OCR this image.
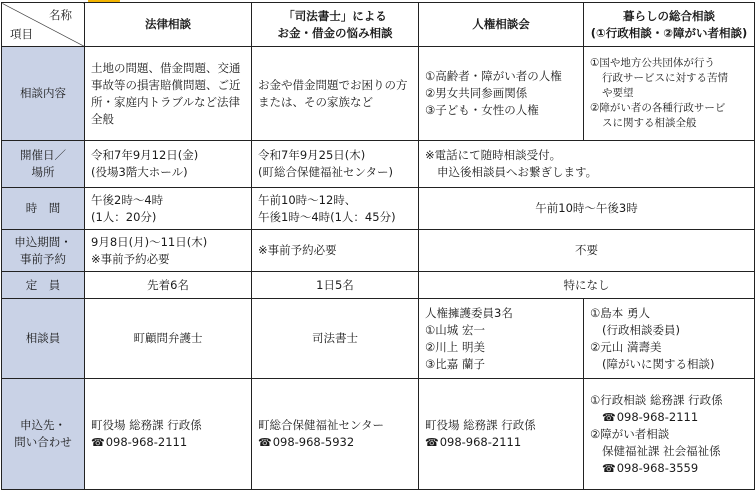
名称
項目	法律相談	「司法書士」による
お金・借金の悩み相談	人権相談会	暮らしの総合相談
(①行政相談・②障がい者相談)

相談内容	土地の問題、借金問題、交通事故等の損害賠償問題、ご近所・家庭内トラブルなど法律全般	お金や借金問題でお困りの方または、その家族など	①高齢者・障がい者の人権
②男女共同参画関係
③子ども・女性の人権	①国や地方公共団体が行う
行政サービスに対する苦情
や要望
②障がい者の各種行政サービ
スに関する相談全般

開催日／
場所	令和7年9月12日(金)
(役場3階大ホール)	令和7年9月25日(木)
(町総合保健福祉センター)	※電話にて随時相談受付。
申込後相談員へお繋ぎします。	

時　間	午後2時～4時
(1人：20分)	午前10時～12時、
午後1時～4時(1人：45分)	午前10時～午後3時	

申込期間・
事前予約	9月8日(月)～11日(木)
※事前予約必要	※事前予約必要	不要	
定　員	先着6名	1日5名	特になし	
相談員	町顧問弁護士	司法書士	人権擁護委員3名
①山城 宏一
②川上 明美
③比嘉 蘭子	①島本 勇人
(行政相談委員)
②元山 満壽美
(障がいに関する相談)

申込先・
問い合わせ	町役場 総務課 行政係
☎098-968-2111	町総合保健福祉センター
☎098-968-5932	町役場 総務課 行政係
☎098-968-2111	①行政相談 総務課 行政係
☎098-968-2111
②障がい者相談
保健福祉課 社会福祉係
☎098-968-3559
